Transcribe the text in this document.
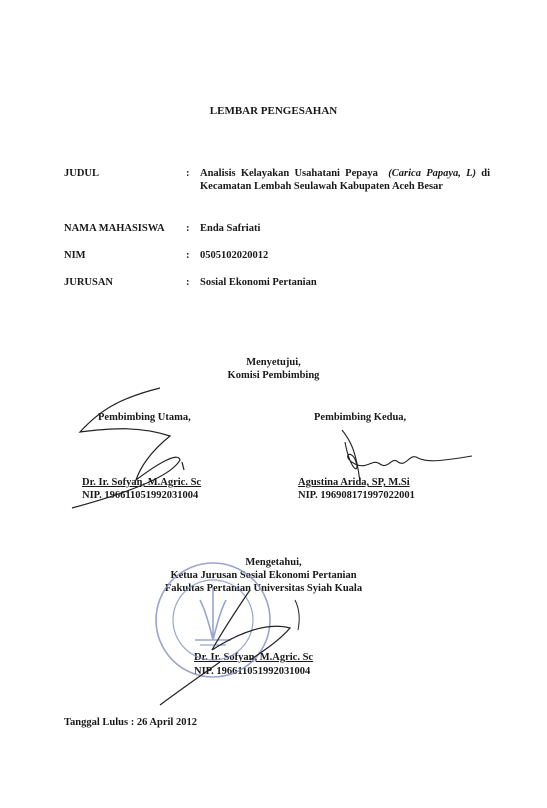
LEMBAR PENGESAHAN
JUDUL	: Analisis Kelayakan Usahatani Pepaya (Carica Papaya, L) di Kecamatan Lembah Seulawah Kabupaten Aceh Besar
NAMA MAHASISWA : Enda Safriati
NIM	: 0505102020012
JURUSAN	: Sosial Ekonomi Pertanian
Menyetujui,
Komisi Pembimbing
Pembimbing Utama,
Dr. Ir. Sofyan, M.Agric. Sc
NIP. 196611051992031004
Pembimbing Kedua,
Agustina Arida, SP, M.Si
NIP. 196908171997022001
Mengetahui,
Ketua Jurusan Sosial Ekonomi Pertanian
Fakultas Pertanian Universitas Syiah Kuala
Dr. Ir. Sofyan, M.Agric. Sc
NIP. 196611051992031004
Tanggal Lulus : 26 April 2012
